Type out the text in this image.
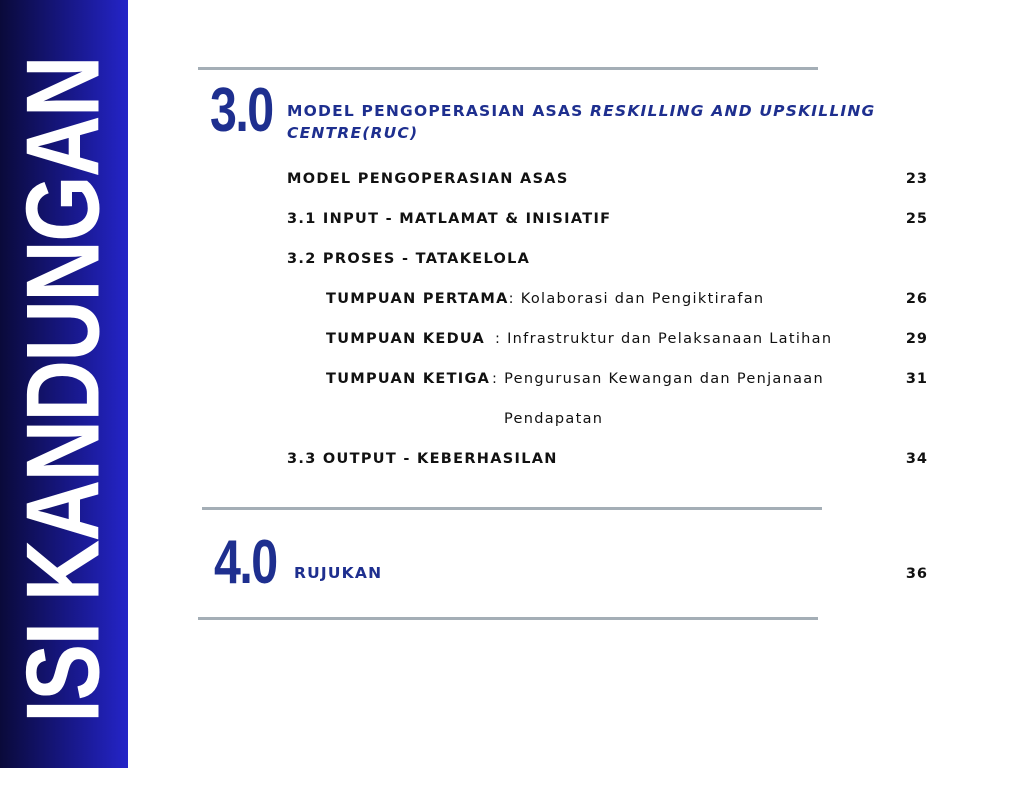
ISI KANDUNGAN 3.0 MODEL PENGOPERASIAN ASAS RESKILLING AND UPSKILLING
CENTRE(RUC)
MODEL PENGOPERASIAN ASAS	23
3.1 INPUT - MATLAMAT & INISIATIF	25
3.2 PROSES - TATAKELOLA
TUMPUAN PERTAMA: Kolaborasi dan Pengiktirafan	26
TUMPUAN KEDUA : Infrastruktur dan Pelaksanaan Latihan	29
TUMPUAN KETIGA : Pengurusan Kewangan dan Penjanaan	31
Pendapatan
3.3 OUTPUT - KEBERHASILAN	34
4.0 RUJUKAN	36
